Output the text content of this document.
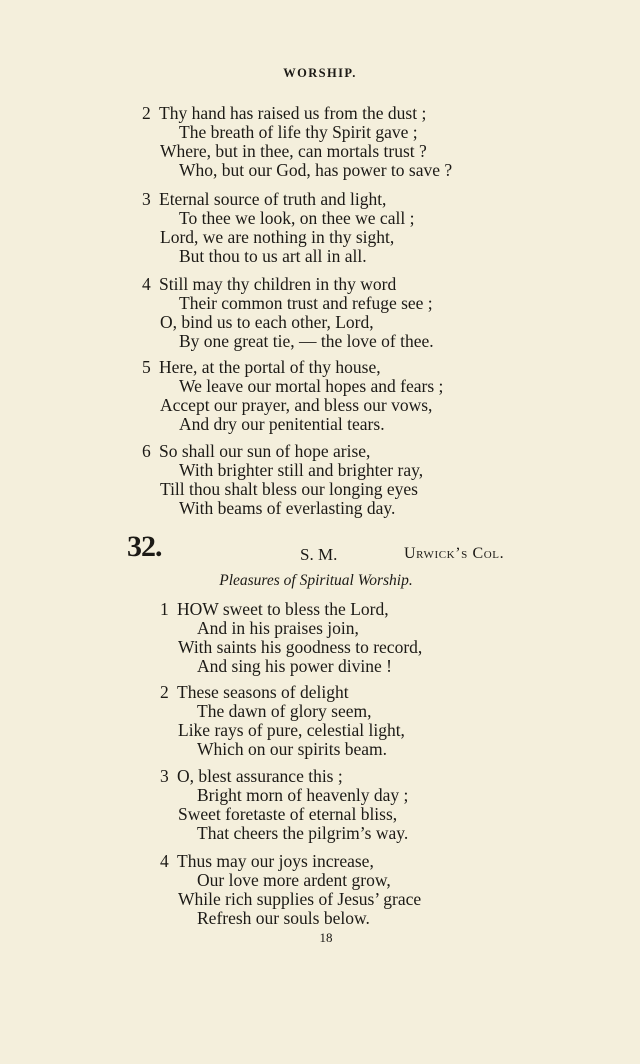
WORSHIP.
2 Thy hand has raised us from the dust ;
The breath of life thy Spirit gave ;
Where, but in thee, can mortals trust ?
Who, but our God, has power to save ?
3 Eternal source of truth and light,
To thee we look, on thee we call ;
Lord, we are nothing in thy sight,
But thou to us art all in all.
4 Still may thy children in thy word
Their common trust and refuge see ;
O, bind us to each other, Lord,
By one great tie, — the love of thee.
5 Here, at the portal of thy house,
We leave our mortal hopes and fears ;
Accept our prayer, and bless our vows,
And dry our penitential tears.
6 So shall our sun of hope arise,
With brighter still and brighter ray,
Till thou shalt bless our longing eyes
With beams of everlasting day.
32.	S. M.	Urwick’s Col.
Pleasures of Spiritual Worship.
1 HOW sweet to bless the Lord,
And in his praises join,
With saints his goodness to record,
And sing his power divine !
2 These seasons of delight
The dawn of glory seem,
Like rays of pure, celestial light,
Which on our spirits beam.
3 O, blest assurance this ;
Bright morn of heavenly day ;
Sweet foretaste of eternal bliss,
That cheers the pilgrim’s way.
4 Thus may our joys increase,
Our love more ardent grow,
While rich supplies of Jesus’ grace
Refresh our souls below.
18
